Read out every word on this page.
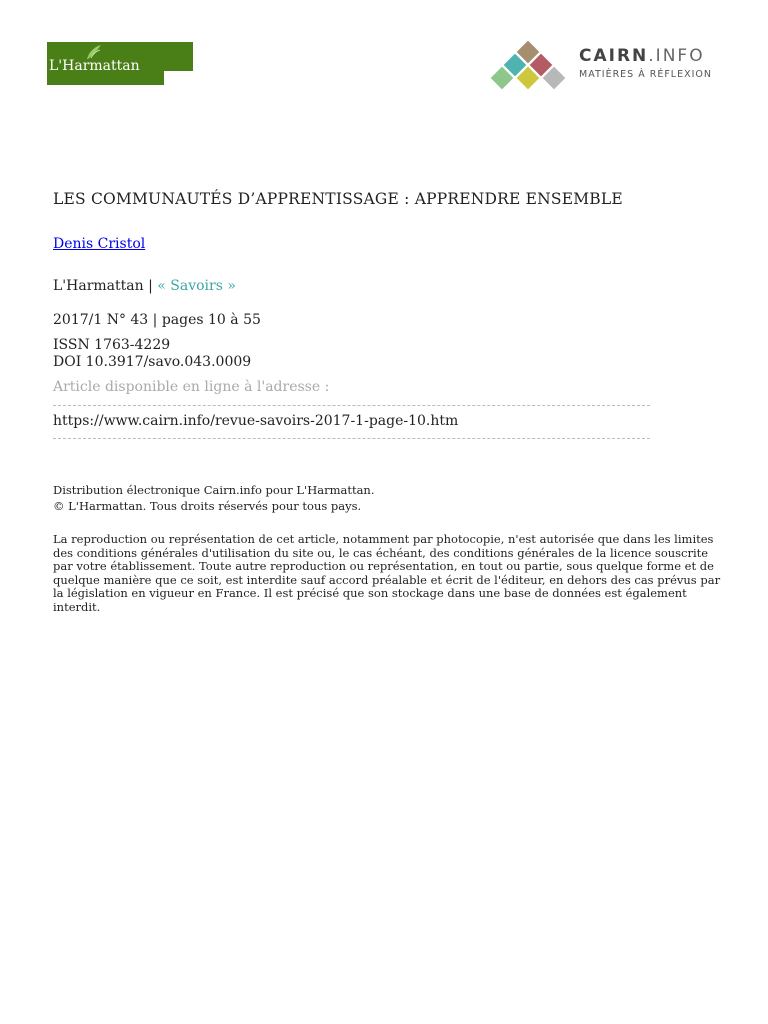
L'Harmattan	CAIRN.INFO
MATIÈRES À RÉFLEXION
LES COMMUNAUTÉS D’APPRENTISSAGE : APPRENDRE ENSEMBLE
Denis Cristol
L'Harmattan | « Savoirs »
2017/1 N° 43 | pages 10 à 55
ISSN 1763-4229
DOI 10.3917/savo.043.0009
Article disponible en ligne à l'adresse :
https://www.cairn.info/revue-savoirs-2017-1-page-10.htm
Distribution électronique Cairn.info pour L'Harmattan.
© L'Harmattan. Tous droits réservés pour tous pays.
La reproduction ou représentation de cet article, notamment par photocopie, n'est autorisée que dans les limites des conditions générales d'utilisation du site ou, le cas échéant, des conditions générales de la licence souscrite par votre établissement. Toute autre reproduction ou représentation, en tout ou partie, sous quelque forme et de quelque manière que ce soit, est interdite sauf accord préalable et écrit de l'éditeur, en dehors des cas prévus par la législation en vigueur en France. Il est précisé que son stockage dans une base de données est également interdit.
